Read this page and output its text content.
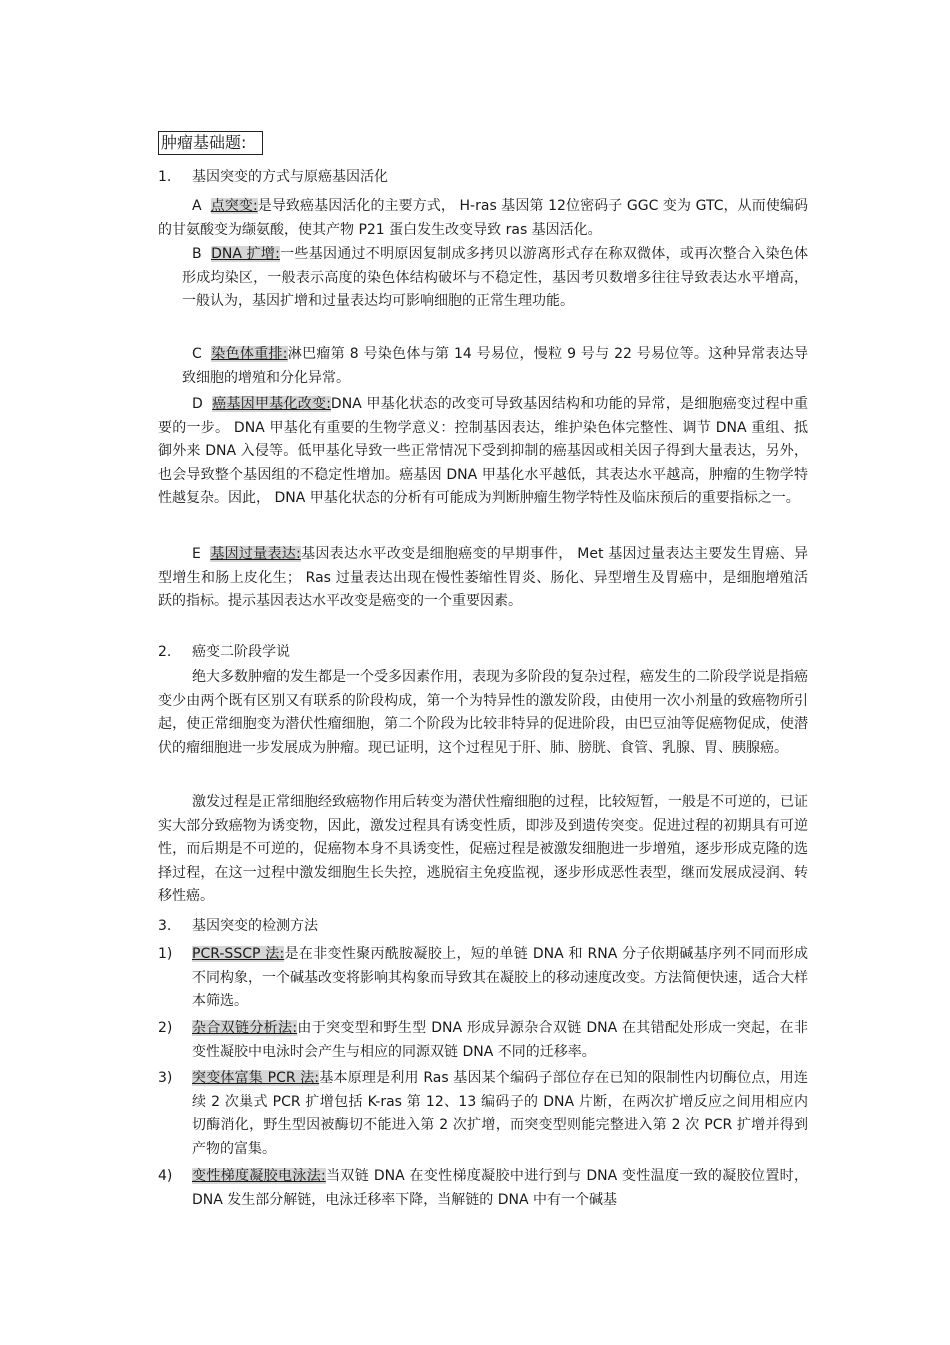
肿瘤基础题:
1. 基因突变的方式与原癌基因活化

A 点突变:是导致癌基因活化的主要方式， H-ras 基因第 12位密码子 GGC 变为 GTC，从而使编码的甘氨酸变为缬氨酸，使其产物 P21 蛋白发生改变导致 ras 基因活化。

B DNA 扩增:一些基因通过不明原因复制成多拷贝以游离形式存在称双微体，或再次整合入染色体形成均染区，一般表示高度的染色体结构破坏与不稳定性，基因考贝数增多往往导致表达水平增高，一般认为，基因扩增和过量表达均可影响细胞的正常生理功能。

C 染色体重排:淋巴瘤第 8 号染色体与第 14 号易位，慢粒 9 号与 22 号易位等。这种异常表达导致细胞的增殖和分化异常。

D 癌基因甲基化改变:DNA 甲基化状态的改变可导致基因结构和功能的异常，是细胞癌变过程中重要的一步。 DNA 甲基化有重要的生物学意义：控制基因表达，维护染色体完整性、调节 DNA 重组、抵御外来 DNA 入侵等。低甲基化导致一些正常情况下受到抑制的癌基因或相关因子得到大量表达，另外，也会导致整个基因组的不稳定性增加。癌基因 DNA 甲基化水平越低，其表达水平越高，肿瘤的生物学特性越复杂。因此， DNA 甲基化状态的分析有可能成为判断肿瘤生物学特性及临床预后的重要指标之一。

E 基因过量表达:基因表达水平改变是细胞癌变的早期事件， Met 基因过量表达主要发生胃癌、异型增生和肠上皮化生； Ras 过量表达出现在慢性萎缩性胃炎、肠化、异型增生及胃癌中，是细胞增殖活跃的指标。提示基因表达水平改变是癌变的一个重要因素。

2. 癌变二阶段学说

绝大多数肿瘤的发生都是一个受多因素作用，表现为多阶段的复杂过程，癌发生的二阶段学说是指癌变少由两个既有区别又有联系的阶段构成，第一个为特异性的激发阶段，由使用一次小剂量的致癌物所引起，使正常细胞变为潜伏性瘤细胞，第二个阶段为比较非特异的促进阶段，由巴豆油等促癌物促成，使潜伏的瘤细胞进一步发展成为肿瘤。现已证明，这个过程见于肝、肺、膀胱、食管、乳腺、胃、胰腺癌。

激发过程是正常细胞经致癌物作用后转变为潜伏性瘤细胞的过程，比较短暂，一般是不可逆的，已证实大部分致癌物为诱变物，因此，激发过程具有诱变性质，即涉及到遗传突变。促进过程的初期具有可逆性，而后期是不可逆的，促癌物本身不具诱变性，促癌过程是被激发细胞进一步增殖，逐步形成克隆的选择过程，在这一过程中激发细胞生长失控，逃脱宿主免疫监视，逐步形成恶性表型，继而发展成浸润、转移性癌。

3. 基因突变的检测方法
1) PCR-SSCP 法:是在非变性聚丙酰胺凝胶上，短的单链 DNA 和 RNA 分子依期碱基序列不同而形成不同构象，一个碱基改变将影响其构象而导致其在凝胶上的移动速度改变。方法简便快速，适合大样本筛选。
2) 杂合双链分析法:由于突变型和野生型 DNA 形成异源杂合双链 DNA 在其错配处形成一突起，在非变性凝胶中电泳时会产生与相应的同源双链 DNA 不同的迁移率。
3) 突变体富集 PCR 法:基本原理是利用 Ras 基因某个编码子部位存在已知的限制性内切酶位点，用连续 2 次巢式 PCR 扩增包括 K-ras 第 12、13 编码子的 DNA 片断，在两次扩增反应之间用相应内切酶消化，野生型因被酶切不能进入第 2 次扩增，而突变型则能完整进入第 2 次 PCR 扩增并得到产物的富集。
4) 变性梯度凝胶电泳法:当双链 DNA 在变性梯度凝胶中进行到与 DNA 变性温度一致的凝胶位置时， DNA 发生部分解链，电泳迁移率下降，当解链的 DNA 中有一个碱基
